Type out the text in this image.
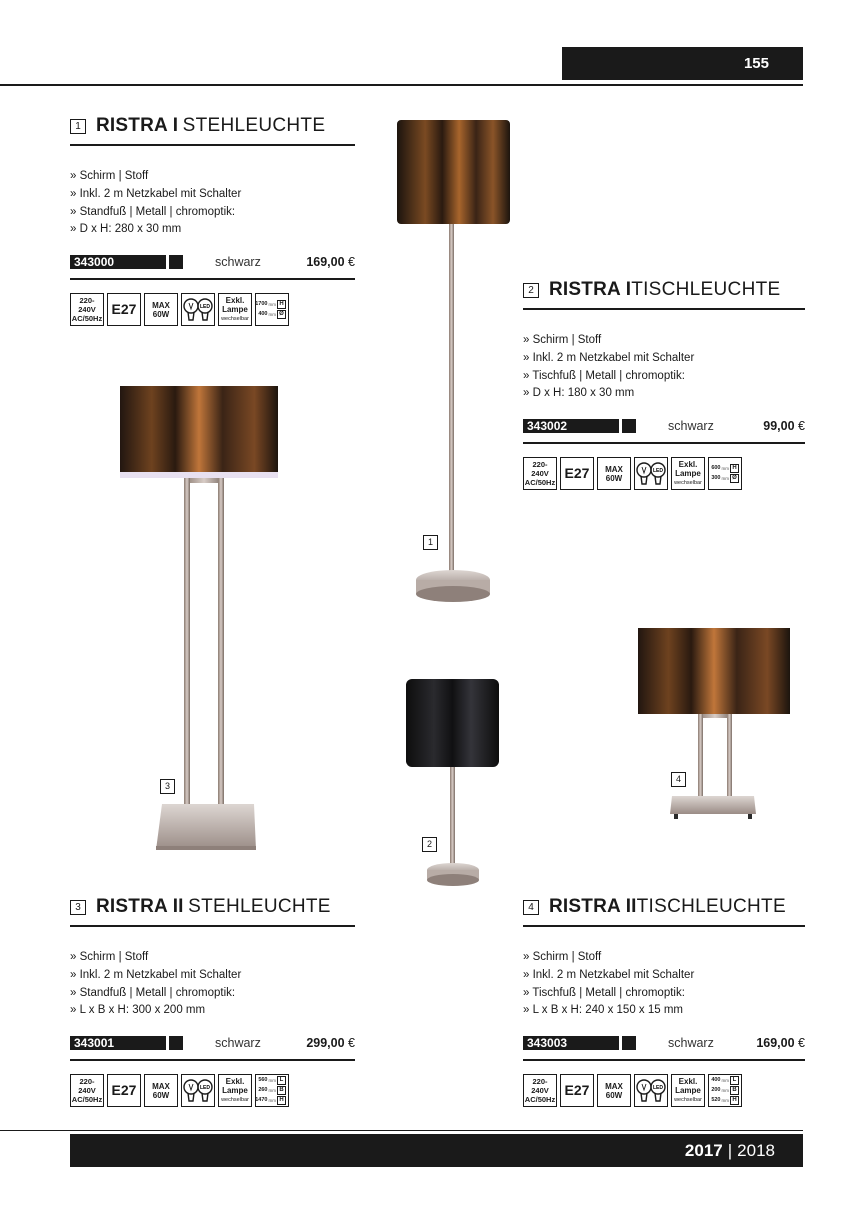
155
2017 | 2018
1
3
2
4
1 RISTRA I
STEHLEUCHTE
» Schirm | Stoff
» Inkl. 2 m Netzkabel mit Schalter
» Standfuß | Metall | chromoptik:
» D x H: 280 x 30 mm
343000	schwarz	169,00 €
220-240V
AC/50Hz
E27	MAX
60W
LED
Exkl.
Lampe
wechselbar
1700 mm H
400 mm Ø
2 RISTRA I TISCHLEUCHTE
» Schirm | Stoff
» Inkl. 2 m Netzkabel mit Schalter
» Tischfuß | Metall | chromoptik:
» D x H: 180 x 30 mm
343002	schwarz	99,00 €
220-240V
AC/50Hz
E27	MAX
60W
LED
Exkl.
Lampe
wechselbar
600 mm H
300 mm Ø
3 RISTRA II
STEHLEUCHTE
» Schirm | Stoff
» Inkl. 2 m Netzkabel mit Schalter
» Standfuß | Metall | chromoptik:
» L x B x H: 300 x 200 mm
343001	schwarz	299,00 €
220-240V
AC/50Hz
E27	MAX
60W
LED
Exkl.
Lampe
wechselbar
560 mm L
260 mm B
1470 mm H
4 RISTRA II TISCHLEUCHTE
» Schirm | Stoff
» Inkl. 2 m Netzkabel mit Schalter
» Tischfuß | Metall | chromoptik:
» L x B x H: 240 x 150 x 15 mm
343003	schwarz	169,00 €
220-240V
AC/50Hz
E27	MAX
60W
LED
Exkl.
Lampe
wechselbar
400 mm L
200 mm B
520 mm H
